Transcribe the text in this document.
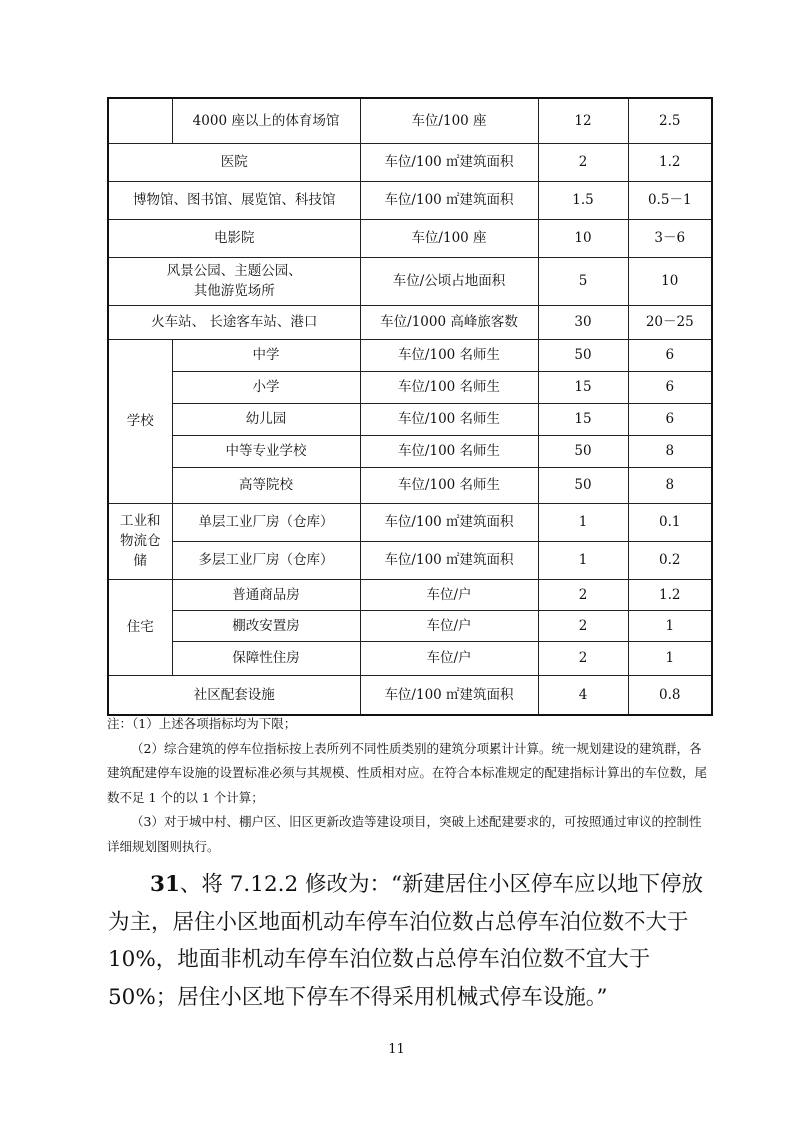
	4000 座以上的体育场馆	车位/100 座	12	2.5
医院		车位/100 ㎡建筑面积	2	1.2
博物馆、图书馆、展览馆、科技馆		车位/100 ㎡建筑面积	1.5	0.5－1
电影院		车位/100 座	10	3－6

风景公园、主题公园、
其他游览场所		车位/公顷占地面积	5	10
火车站、 长途客车站、港口		车位/1000 高峰旅客数	30	20－25
学校	中学	车位/100 名师生	50	6
	小学	车位/100 名师生	15	6
	幼儿园	车位/100 名师生	15	6
	中等专业学校	车位/100 名师生	50	8
	高等院校	车位/100 名师生	50	8

工业和
物流仓
储	单层工业厂房（仓库）	车位/100 ㎡建筑面积	1	0.1
	多层工业厂房（仓库）	车位/100 ㎡建筑面积	1	0.2
住宅	普通商品房	车位/户	2	1.2
	棚改安置房	车位/户	2	1
	保障性住房	车位/户	2	1
社区配套设施		车位/100 ㎡建筑面积	4	0.8

注：（1）上述各项指标均为下限；

（2）综合建筑的停车位指标按上表所列不同性质类别的建筑分项累计计算。统一规划建设的建筑群，各建筑配建停车设施的设置标准必须与其规模、性质相对应。在符合本标准规定的配建指标计算出的车位数，尾数不足 1 个的以 1 个计算；

（3）对于城中村、棚户区、旧区更新改造等建设项目，突破上述配建要求的，可按照通过审议的控制性详细规划图则执行。

31、将 7.12.2 修改为：“新建居住小区停车应以地下停放为主，居住小区地面机动车停车泊位数占总停车泊位数不大于 10%，地面非机动车停车泊位数占总停车泊位数不宜大于 50%；居住小区地下停车不得采用机械式停车设施。”

11
